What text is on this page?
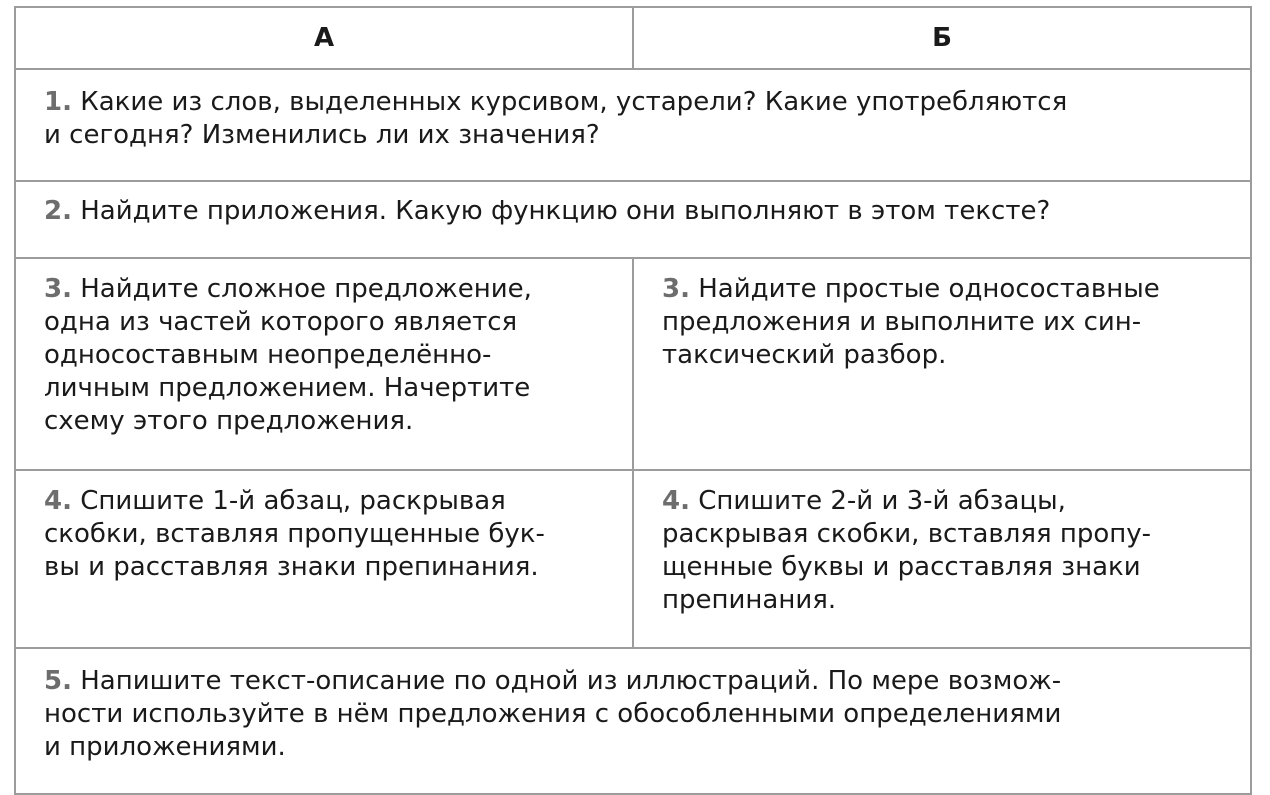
А	Б
1. Какие из слов, выделенных курсивом, устарели? Какие употребляются
и сегодня? Изменились ли их значения?	
2. Найдите приложения. Какую функцию они выполняют в этом тексте?	
3. Найдите сложное предложение,
одна из частей которого является
односоставным неопределённо-
личным предложением. Начертите
схему этого предложения.	3. Найдите простые односоставные
предложения и выполните их син-
таксический разбор.
4. Спишите 1-й абзац, раскрывая
скобки, вставляя пропущенные бук-
вы и расставляя знаки препинания.	4. Спишите 2-й и 3-й абзацы,
раскрывая скобки, вставляя пропу-
щенные буквы и расставляя знаки
препинания.
5. Напишите текст-описание по одной из иллюстраций. По мере возмож-
ности используйте в нём предложения с обособленными определениями
и приложениями.	
